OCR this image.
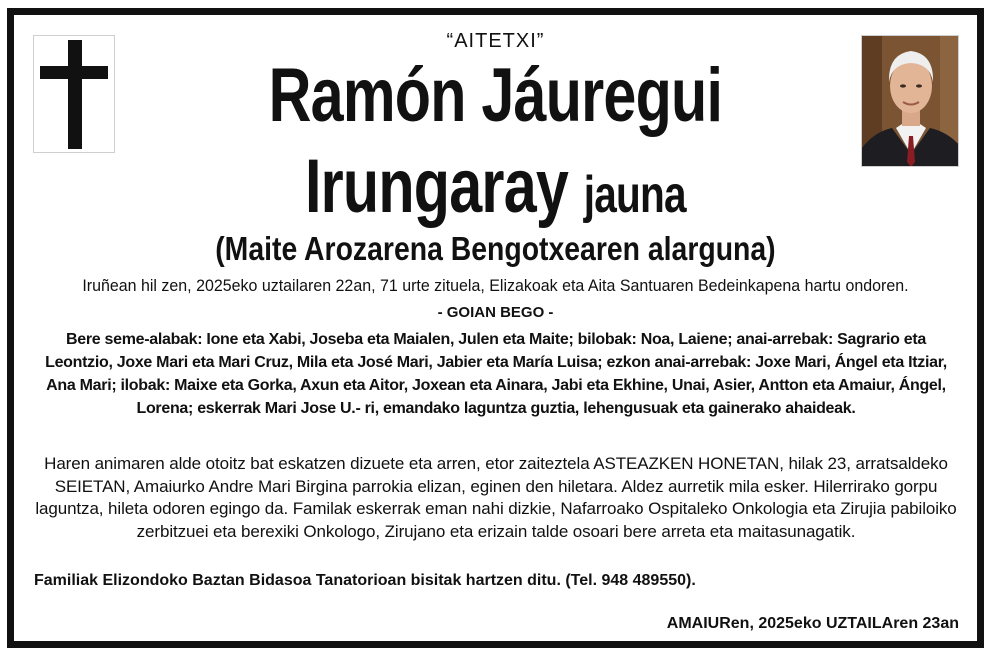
“AITETXI”
Ramón Jáuregui
Irungaray jauna
(Maite Arozarena Bengotxearen alarguna)
Iruñean hil zen, 2025eko uztailaren 22an, 71 urte zituela, Elizakoak eta Aita Santuaren Bedeinkapena hartu ondoren.
- GOIAN BEGO -
Bere seme-alabak: Ione eta Xabi, Joseba eta Maialen, Julen eta Maite; bilobak: Noa, Laiene; anai-arrebak: Sagrario eta Leontzio, Joxe Mari eta Mari Cruz, Mila eta José Mari, Jabier eta María Luisa; ezkon anai-arrebak: Joxe Mari, Ángel eta Itziar, Ana Mari; ilobak: Maixe eta Gorka, Axun eta Aitor, Joxean eta Ainara, Jabi eta Ekhine, Unai, Asier, Antton eta Amaiur, Ángel, Lorena; eskerrak Mari Jose U.- ri, emandako laguntza guztia, lehengusuak eta gainerako ahaideak.
Haren animaren alde otoitz bat eskatzen dizuete eta arren, etor zaiteztela ASTEAZKEN HONETAN, hilak 23, arratsaldeko SEIETAN, Amaiurko Andre Mari Birgina parrokia elizan, eginen den hiletara. Aldez aurretik mila esker. Hilerrirako gorpu laguntza, hileta odoren egingo da. Familak eskerrak eman nahi dizkie, Nafarroako Ospitaleko Onkologia eta Zirujia pabiloiko zerbitzuei eta berexiki Onkologo, Zirujano eta erizain talde osoari bere arreta eta maitasunagatik.
Familiak Elizondoko Baztan Bidasoa Tanatorioan bisitak hartzen ditu. (Tel. 948 489550).
AMAIURen, 2025eko UZTAILAren 23an
